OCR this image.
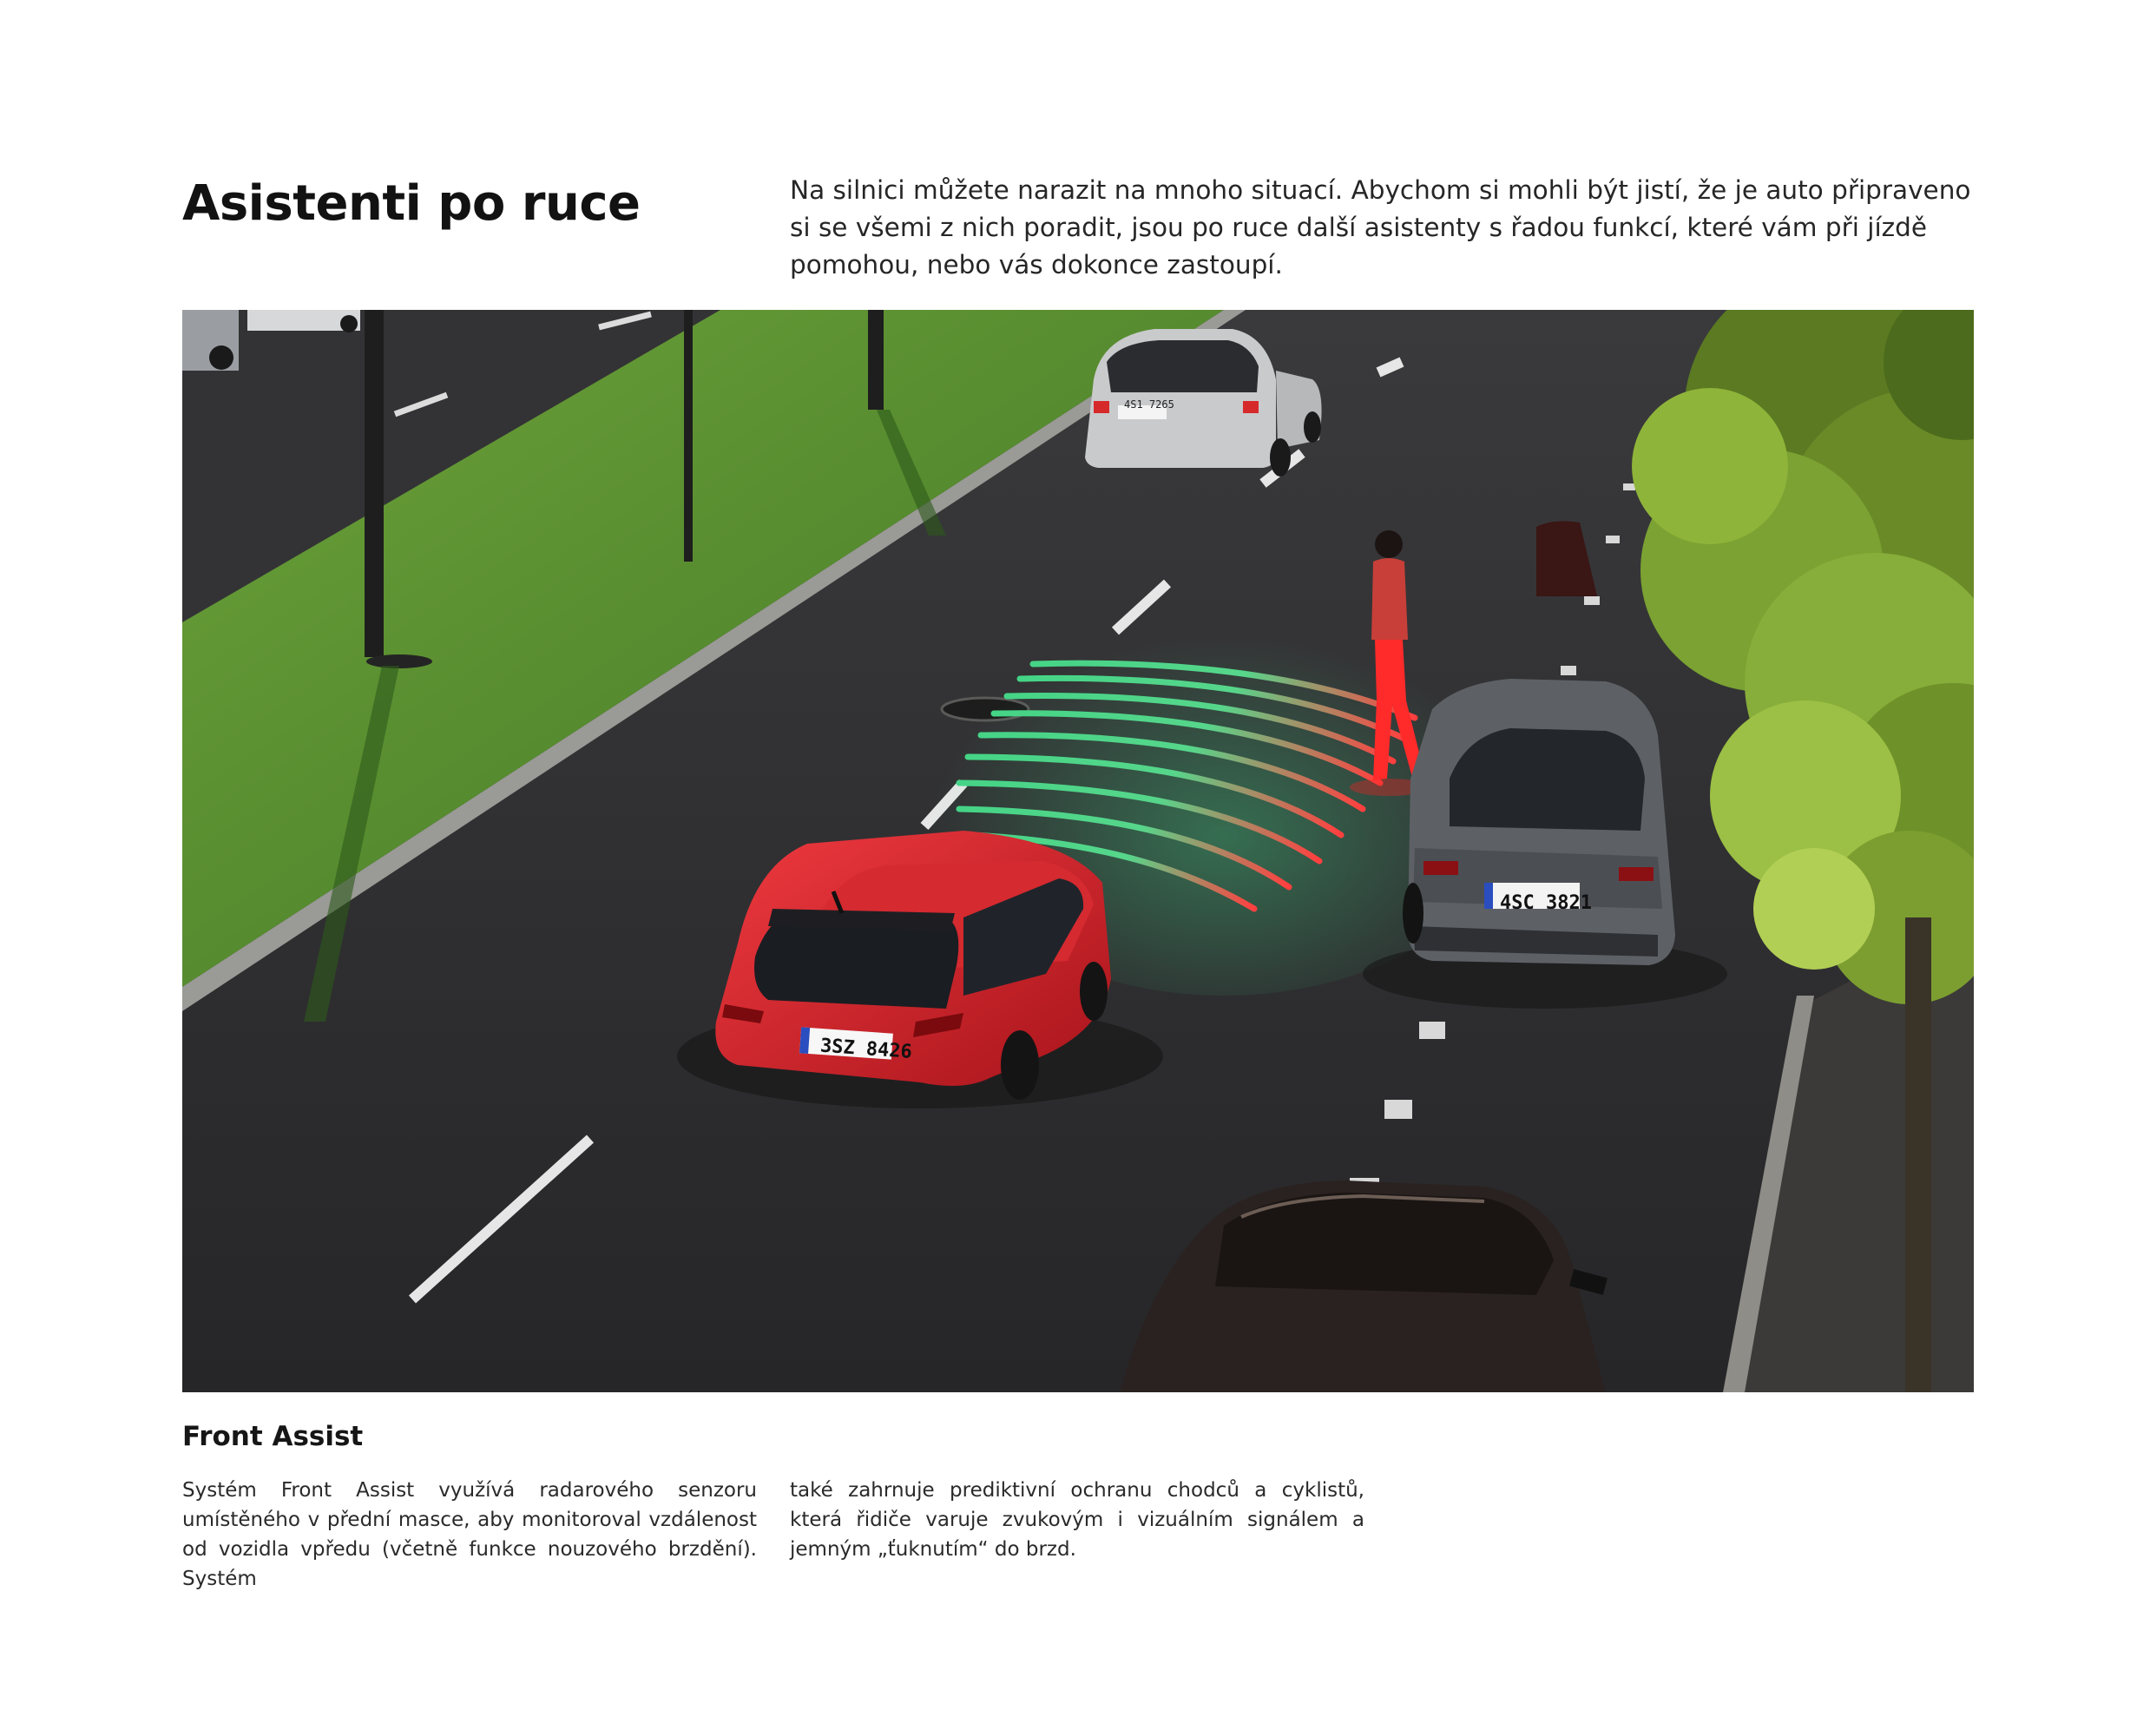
Asistenti po ruce	Na silnici můžete narazit na mnoho situací. Abychom si mohli být jistí, že je auto připraveno si se všemi z nich poradit, jsou po ruce další asistenty s řadou funkcí, které vám při jízdě pomohou, nebo vás dokonce zastoupí.

4S1 7265
3SZ 8426
4SC 3821
Front Assist

Systém Front Assist využívá radarového senzoru umístěného v přední masce, aby monitoroval vzdálenost od vozidla vpředu (včetně funkce nouzového brzdění). Systém

také zahrnuje prediktivní ochranu chodců a cyklistů, která řidiče varuje zvukovým i vizuálním signálem a jemným „ťuknutím“ do brzd.
